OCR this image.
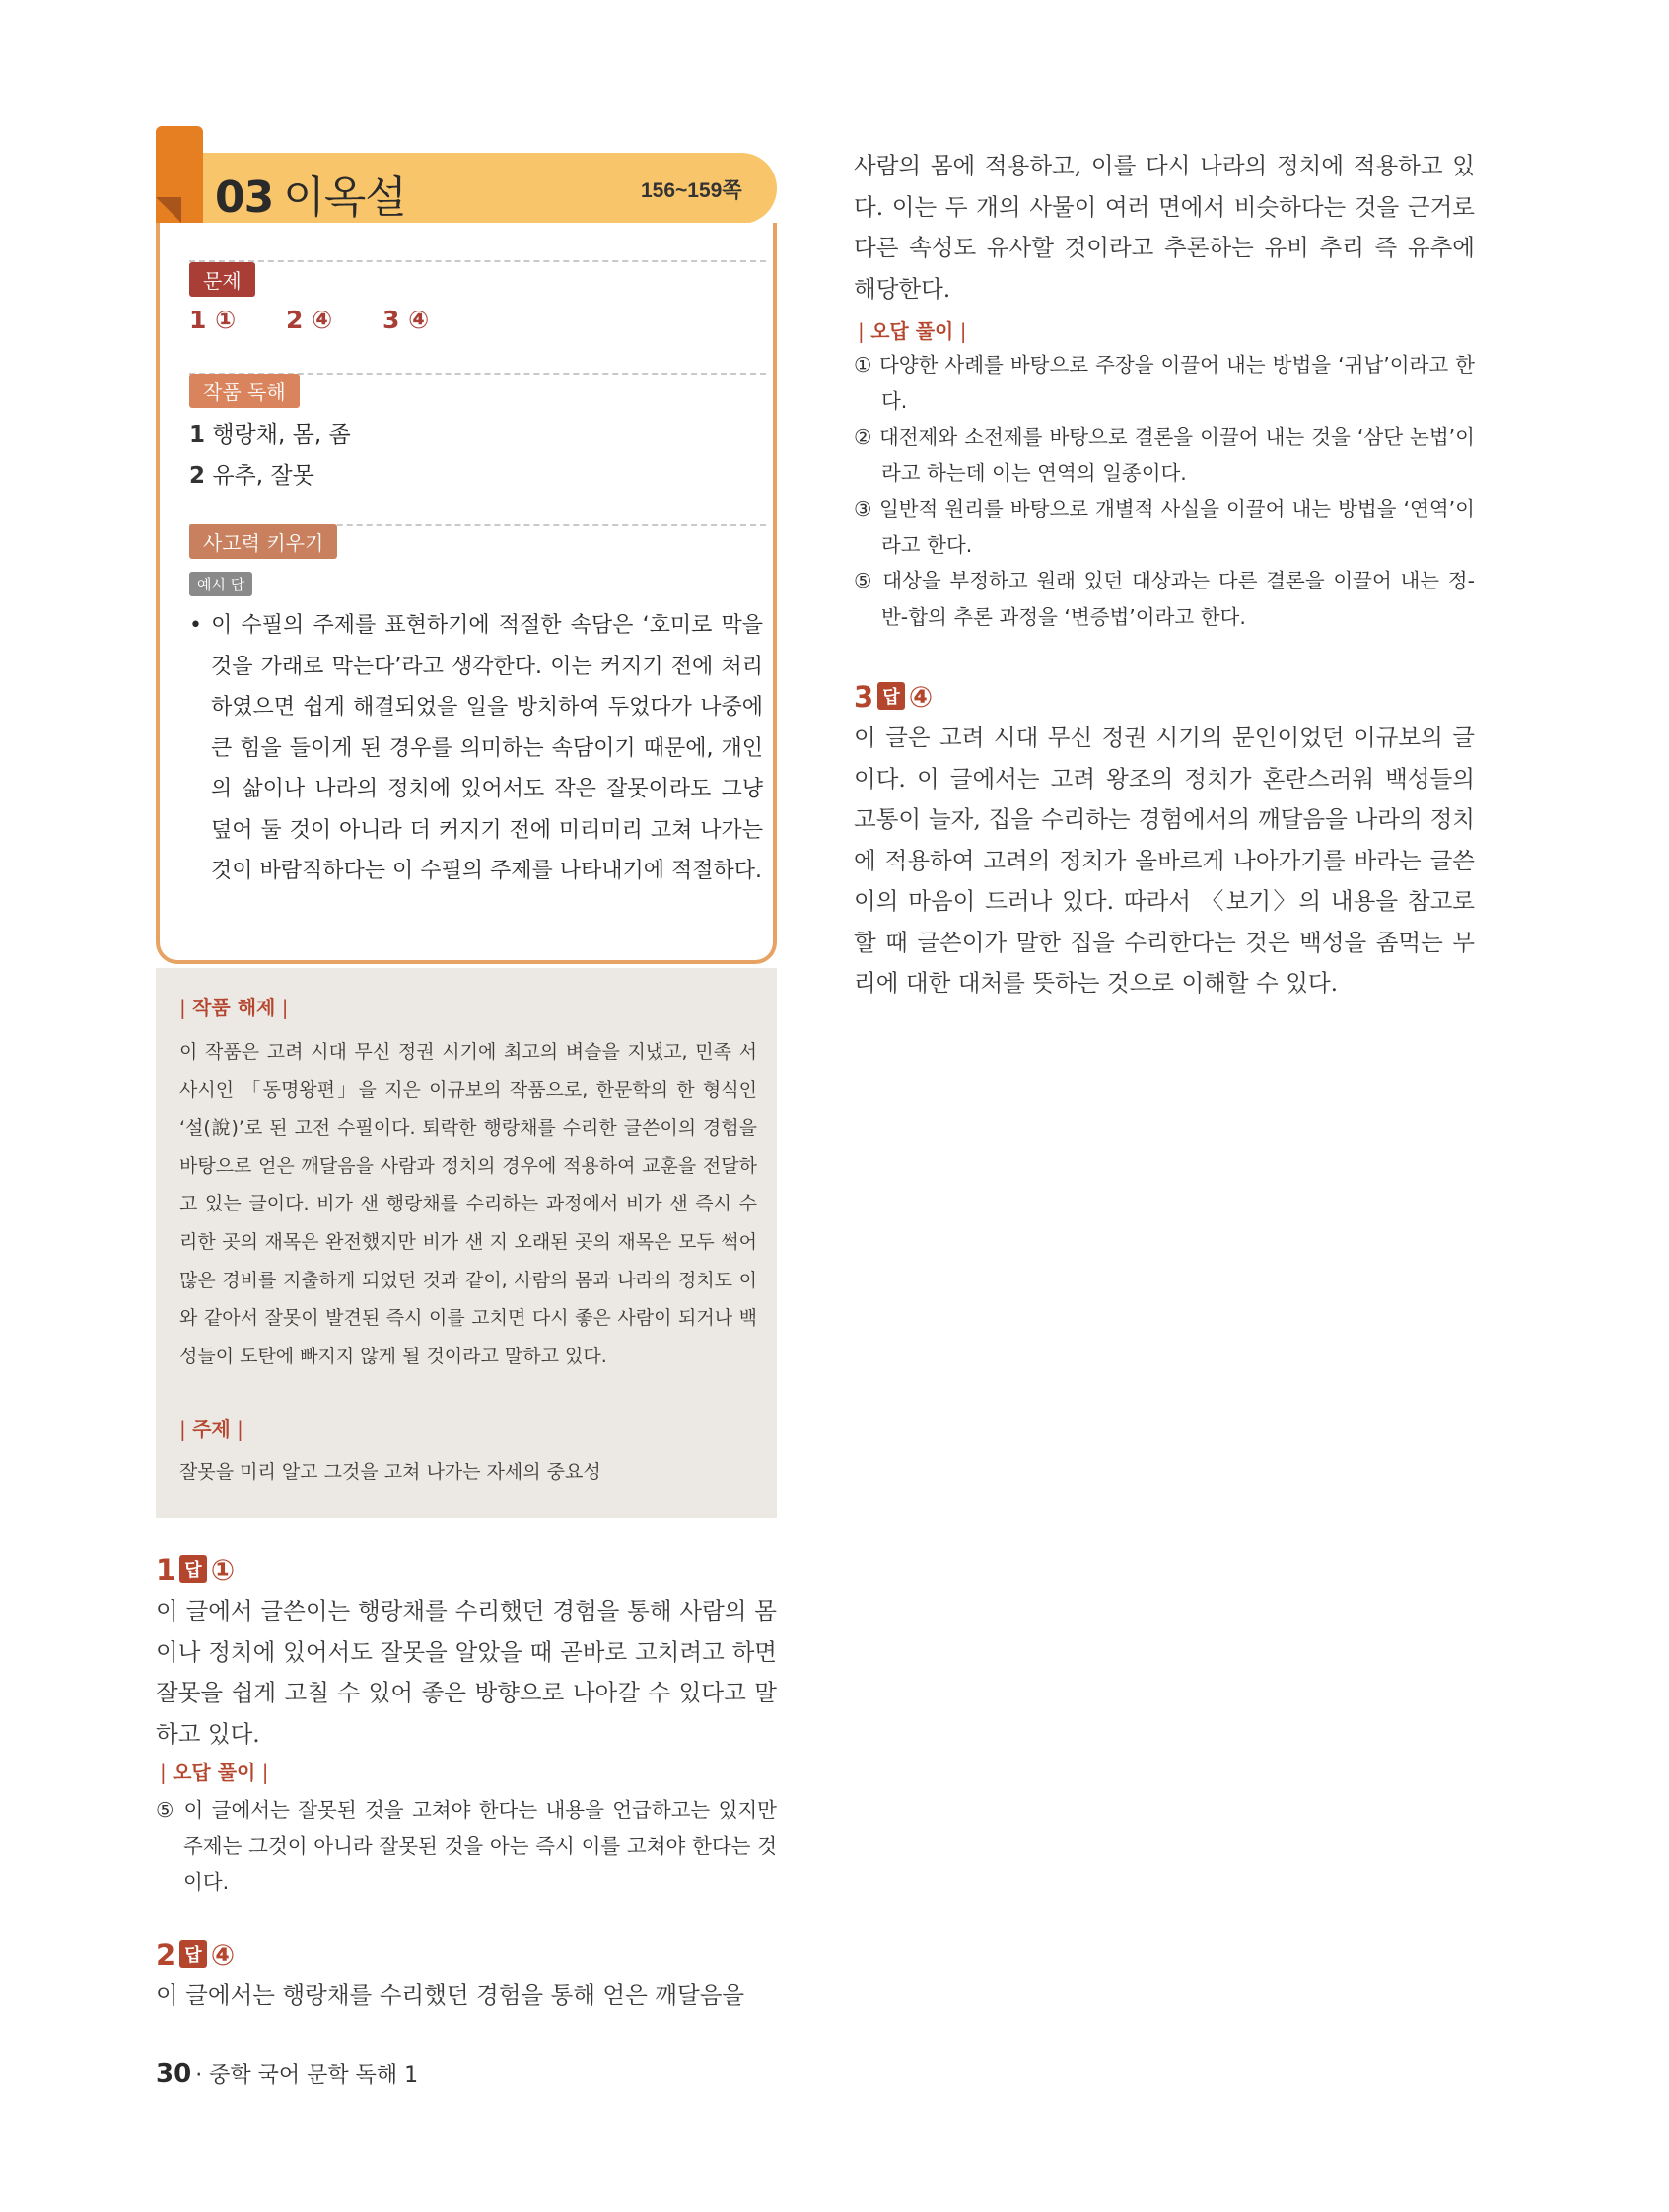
03 이옥설	156~159쪽
문제
1 ① 2 ④ 3 ④
작품 독해
1 행랑채, 몸, 좀
2 유추, 잘못
사고력 키우기
예시 답
• 이 수필의 주제를 표현하기에 적절한 속담은 ‘호미로 막을 것을 가래로 막는다’라고 생각한다. 이는 커지기 전에 처리하였으면 쉽게 해결되었을 일을 방치하여 두었다가 나중에 큰 힘을 들이게 된 경우를 의미하는 속담이기 때문에, 개인의 삶이나 나라의 정치에 있어서도 작은 잘못이라도 그냥 덮어 둘 것이 아니라 더 커지기 전에 미리미리 고쳐 나가는 것이 바람직하다는 이 수필의 주제를 나타내기에 적절하다.
| 작품 해제 |
이 작품은 고려 시대 무신 정권 시기에 최고의 벼슬을 지냈고, 민족 서사시인 「동명왕편」을 지은 이규보의 작품으로, 한문학의 한 형식인 ‘설(說)’로 된 고전 수필이다. 퇴락한 행랑채를 수리한 글쓴이의 경험을 바탕으로 얻은 깨달음을 사람과 정치의 경우에 적용하여 교훈을 전달하고 있는 글이다. 비가 샌 행랑채를 수리하는 과정에서 비가 샌 즉시 수리한 곳의 재목은 완전했지만 비가 샌 지 오래된 곳의 재목은 모두 썩어 많은 경비를 지출하게 되었던 것과 같이, 사람의 몸과 나라의 정치도 이와 같아서 잘못이 발견된 즉시 이를 고치면 다시 좋은 사람이 되거나 백성들이 도탄에 빠지지 않게 될 것이라고 말하고 있다.
| 주제 |
잘못을 미리 알고 그것을 고쳐 나가는 자세의 중요성
1 답 ①
이 글에서 글쓴이는 행랑채를 수리했던 경험을 통해 사람의 몸이나 정치에 있어서도 잘못을 알았을 때 곧바로 고치려고 하면 잘못을 쉽게 고칠 수 있어 좋은 방향으로 나아갈 수 있다고 말하고 있다.
| 오답 풀이 |
⑤ 이 글에서는 잘못된 것을 고쳐야 한다는 내용을 언급하고는 있지만 주제는 그것이 아니라 잘못된 것을 아는 즉시 이를 고쳐야 한다는 것이다.
2 답 ④
이 글에서는 행랑채를 수리했던 경험을 통해 얻은 깨달음을
사람의 몸에 적용하고, 이를 다시 나라의 정치에 적용하고 있다. 이는 두 개의 사물이 여러 면에서 비슷하다는 것을 근거로 다른 속성도 유사할 것이라고 추론하는 유비 추리 즉 유추에 해당한다.
| 오답 풀이 |
① 다양한 사례를 바탕으로 주장을 이끌어 내는 방법을 ‘귀납’이라고 한다.
② 대전제와 소전제를 바탕으로 결론을 이끌어 내는 것을 ‘삼단 논법’이라고 하는데 이는 연역의 일종이다.
③ 일반적 원리를 바탕으로 개별적 사실을 이끌어 내는 방법을 ‘연역’이라고 한다.
⑤ 대상을 부정하고 원래 있던 대상과는 다른 결론을 이끌어 내는 정-반-합의 추론 과정을 ‘변증법’이라고 한다.
3 답 ④
이 글은 고려 시대 무신 정권 시기의 문인이었던 이규보의 글이다. 이 글에서는 고려 왕조의 정치가 혼란스러워 백성들의 고통이 늘자, 집을 수리하는 경험에서의 깨달음을 나라의 정치에 적용하여 고려의 정치가 올바르게 나아가기를 바라는 글쓴이의 마음이 드러나 있다. 따라서 〈보기〉의 내용을 참고로 할 때 글쓴이가 말한 집을 수리한다는 것은 백성을 좀먹는 무리에 대한 대처를 뜻하는 것으로 이해할 수 있다.
30 · 중학 국어 문학 독해 1
